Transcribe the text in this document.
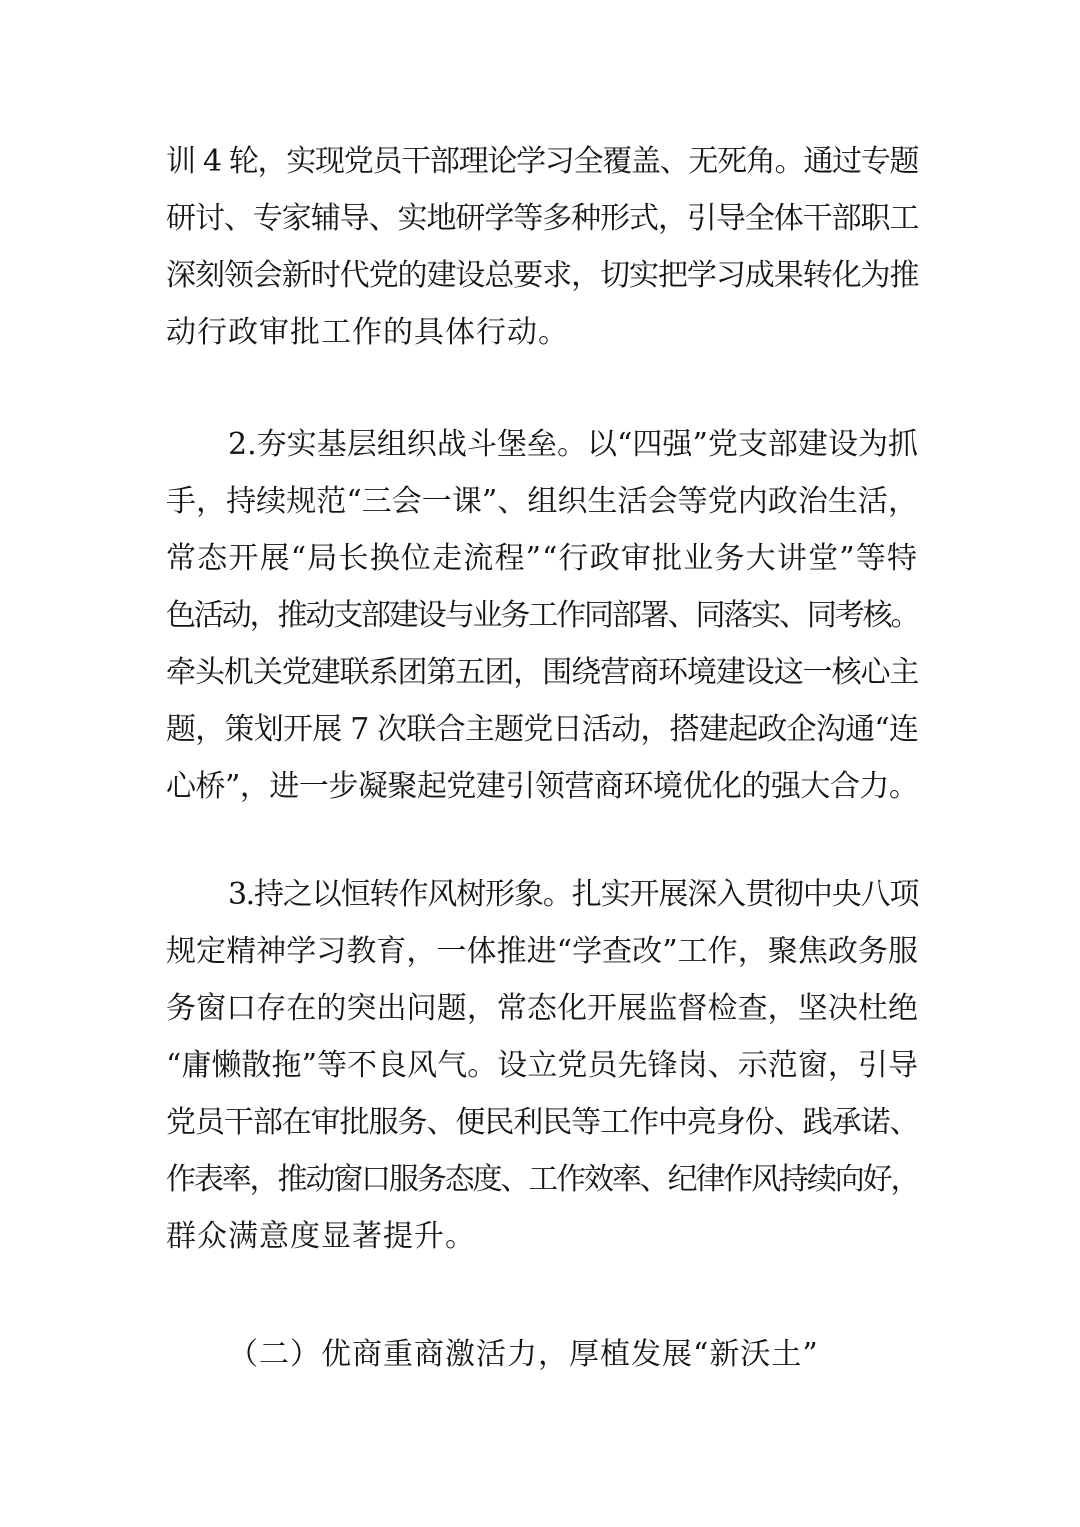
训 4 轮，实现党员干部理论学习全覆盖、无死角。通过专题
研讨、专家辅导、实地研学等多种形式，引导全体干部职工
深刻领会新时代党的建设总要求，切实把学习成果转化为推
动行政审批工作的具体行动。
2.夯实基层组织战斗堡垒。以“四强”党支部建设为抓
手，持续规范“三会一课”、组织生活会等党内政治生活，
常态开展“局长换位走流程”“行政审批业务大讲堂”等特
色活动，推动支部建设与业务工作同部署、同落实、同考核。
牵头机关党建联系团第五团，围绕营商环境建设这一核心主
题，策划开展 7 次联合主题党日活动，搭建起政企沟通“连
心桥”，进一步凝聚起党建引领营商环境优化的强大合力。
3.持之以恒转作风树形象。扎实开展深入贯彻中央八项
规定精神学习教育，一体推进“学查改”工作，聚焦政务服
务窗口存在的突出问题，常态化开展监督检查，坚决杜绝
“庸懒散拖”等不良风气。设立党员先锋岗、示范窗，引导
党员干部在审批服务、便民利民等工作中亮身份、践承诺、
作表率，推动窗口服务态度、工作效率、纪律作风持续向好，
群众满意度显著提升。

（二）优商重商激活力，厚植发展“新沃土”
